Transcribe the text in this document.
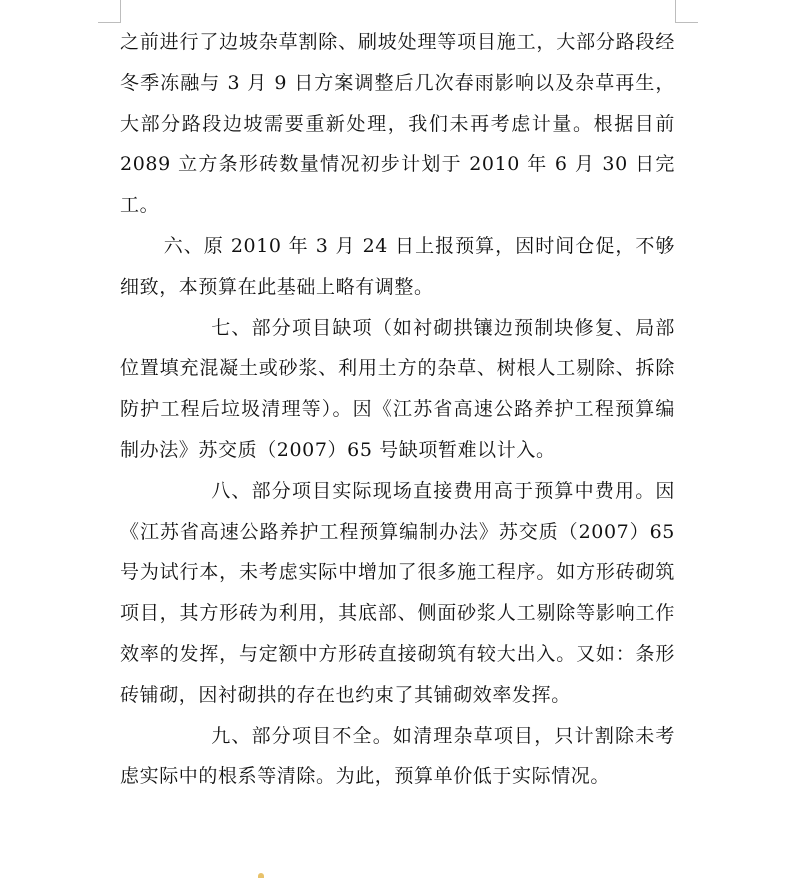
之前进行了边坡杂草割除、刷坡处理等项目施工，大部分路段经冬季冻融与 3 月 9 日方案调整后几次春雨影响以及杂草再生，大部分路段边坡需要重新处理，我们未再考虑计量。根据目前 2089 立方条形砖数量情况初步计划于 2010 年 6 月 30 日完工。

六、原 2010 年 3 月 24 日上报预算，因时间仓促，不够细致，本预算在此基础上略有调整。

七、部分项目缺项（如衬砌拱镶边预制块修复、局部位置填充混凝土或砂浆、利用土方的杂草、树根人工剔除、拆除防护工程后垃圾清理等）。因《江苏省高速公路养护工程预算编制办法》苏交质（2007）65 号缺项暂难以计入。

八、部分项目实际现场直接费用高于预算中费用。因《江苏省高速公路养护工程预算编制办法》苏交质（2007）65 号为试行本，未考虑实际中增加了很多施工程序。如方形砖砌筑项目，其方形砖为利用，其底部、侧面砂浆人工剔除等影响工作效率的发挥，与定额中方形砖直接砌筑有较大出入。又如：条形砖铺砌，因衬砌拱的存在也约束了其铺砌效率发挥。

九、部分项目不全。如清理杂草项目，只计割除未考虑实际中的根系等清除。为此，预算单价低于实际情况。
